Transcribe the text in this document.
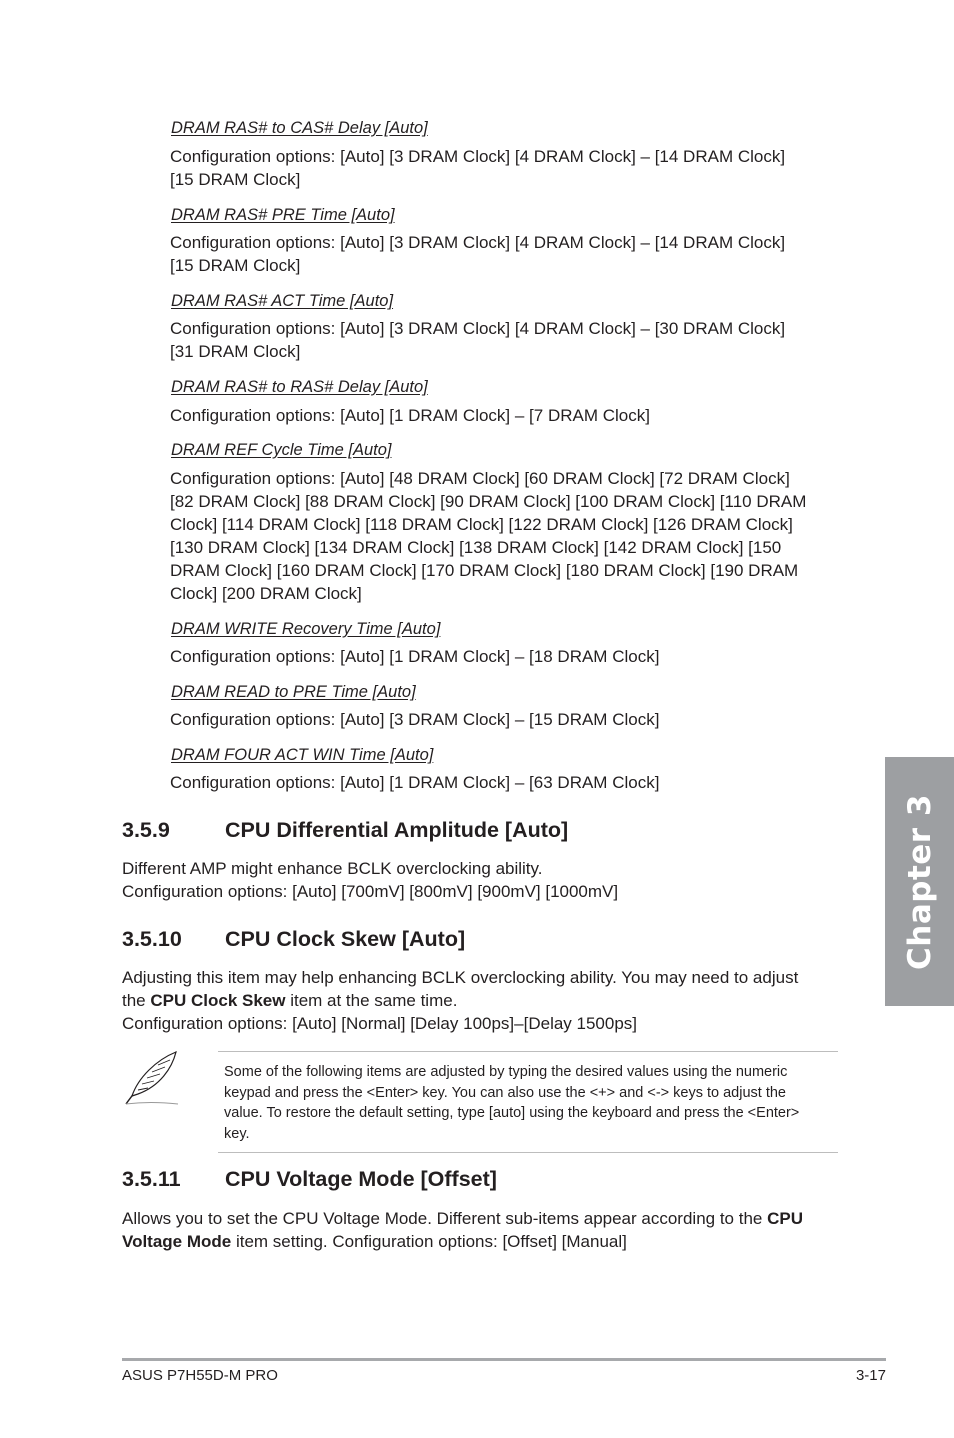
DRAM RAS# to CAS# Delay [Auto]
Configuration options: [Auto] [3 DRAM Clock] [4 DRAM Clock] – [14 DRAM Clock]
[15 DRAM Clock]
DRAM RAS# PRE Time [Auto]
Configuration options: [Auto] [3 DRAM Clock] [4 DRAM Clock] – [14 DRAM Clock]
[15 DRAM Clock]
DRAM RAS# ACT Time [Auto]
Configuration options: [Auto] [3 DRAM Clock] [4 DRAM Clock] – [30 DRAM Clock]
[31 DRAM Clock]
DRAM RAS# to RAS# Delay [Auto]
Configuration options: [Auto] [1 DRAM Clock] – [7 DRAM Clock]
DRAM REF Cycle Time [Auto]
Configuration options: [Auto] [48 DRAM Clock] [60 DRAM Clock] [72 DRAM Clock]
[82 DRAM Clock] [88 DRAM Clock] [90 DRAM Clock] [100 DRAM Clock] [110 DRAM
Clock] [114 DRAM Clock] [118 DRAM Clock] [122 DRAM Clock] [126 DRAM Clock]
[130 DRAM Clock] [134 DRAM Clock] [138 DRAM Clock] [142 DRAM Clock] [150
DRAM Clock] [160 DRAM Clock] [170 DRAM Clock] [180 DRAM Clock] [190 DRAM
Clock] [200 DRAM Clock]
DRAM WRITE Recovery Time [Auto]
Configuration options: [Auto] [1 DRAM Clock] – [18 DRAM Clock]
DRAM READ to PRE Time [Auto]
Configuration options: [Auto] [3 DRAM Clock] – [15 DRAM Clock]
DRAM FOUR ACT WIN Time [Auto]
Configuration options: [Auto] [1 DRAM Clock] – [63 DRAM Clock]
3.5.9	CPU Differential Amplitude [Auto]
Different AMP might enhance BCLK overclocking ability.
Configuration options: [Auto] [700mV] [800mV] [900mV] [1000mV]
3.5.10 CPU Clock Skew [Auto]
Adjusting this item may help enhancing BCLK overclocking ability. You may need to adjust
the CPU Clock Skew item at the same time.
Configuration options: [Auto] [Normal] [Delay 100ps]–[Delay 1500ps]
Some of the following items are adjusted by typing the desired values using the numeric
keypad and press the <Enter> key. You can also use the <+> and <-> keys to adjust the
value. To restore the default setting, type [auto] using the keyboard and press the <Enter>
key.
3.5.11 CPU Voltage Mode [Offset]
Allows you to set the CPU Voltage Mode. Different sub-items appear according to the CPU
Voltage Mode item setting. Configuration options: [Offset] [Manual]
Chapter 3
ASUS P7H55D-M PRO	3-17
